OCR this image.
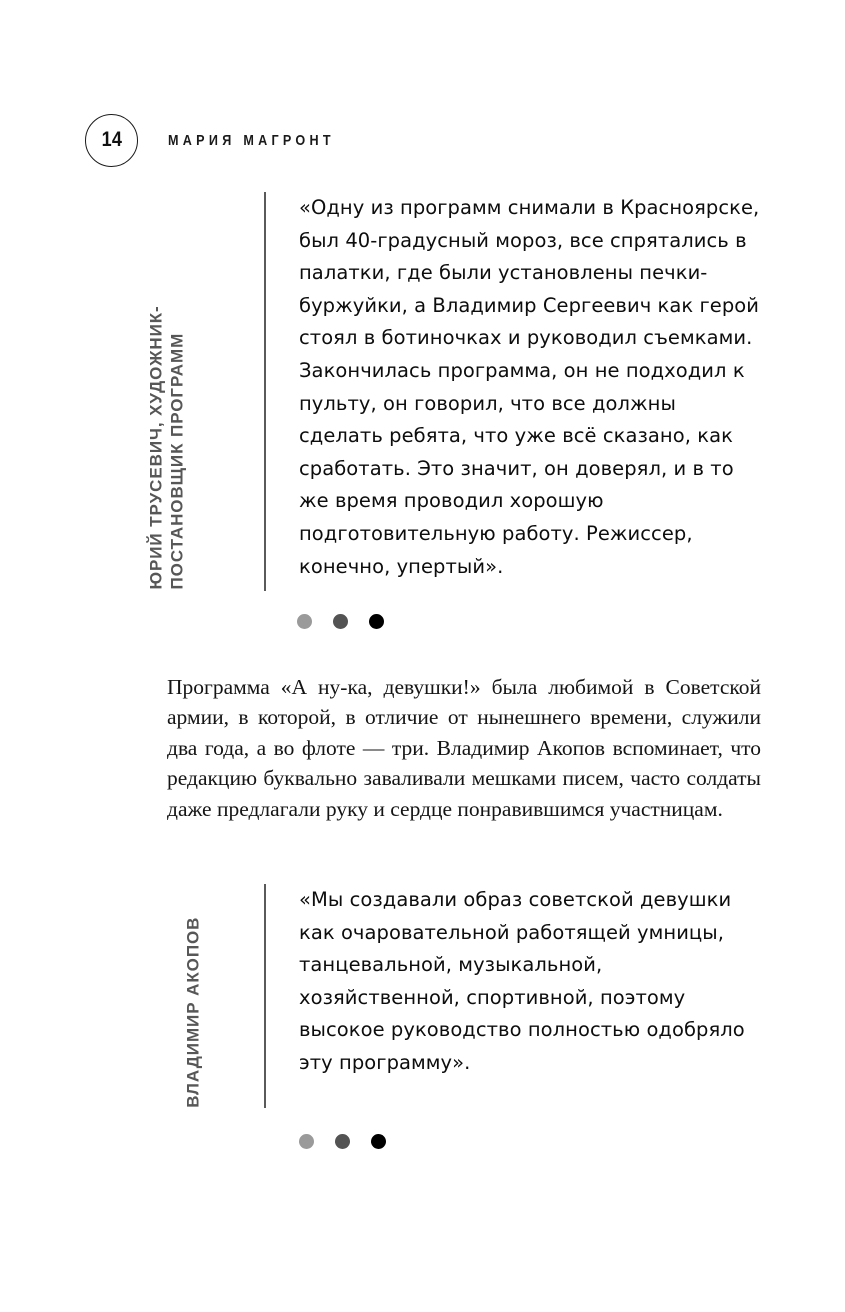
14	МАРИЯ МАГРОНТ
ЮРИЙ ТРУСЕВИЧ, ХУДОЖНИК- ПОСТАНОВЩИК ПРОГРАММ

«Одну из программ снимали в Красноярске, был 40-градусный мороз, все спрятались в палатки, где были установлены печки-буржуйки, а Владимир Сергеевич как герой стоял в ботиночках и руководил съемками. Закончилась программа, он не подходил к пульту, он говорил, что все должны сделать ребята, что уже всё сказано, как сработать. Это значит, он доверял, и в то же время проводил хорошую подготовительную работу. Режиссер, конечно, упертый».

Программа «А ну-ка, девушки!» была любимой в Советской армии, в которой, в отличие от нынешнего времени, служили два года, а во флоте — три. Владимир Акопов вспоминает, что редакцию буквально заваливали мешками писем, часто солдаты даже предлагали руку и сердце понравившимся участницам.

ВЛАДИМИР АКОПОВ

«Мы создавали образ советской девушки как очаровательной работящей умницы, танцевальной, музыкальной, хозяйственной, спортивной, поэтому высокое руководство полностью одобряло эту программу».
